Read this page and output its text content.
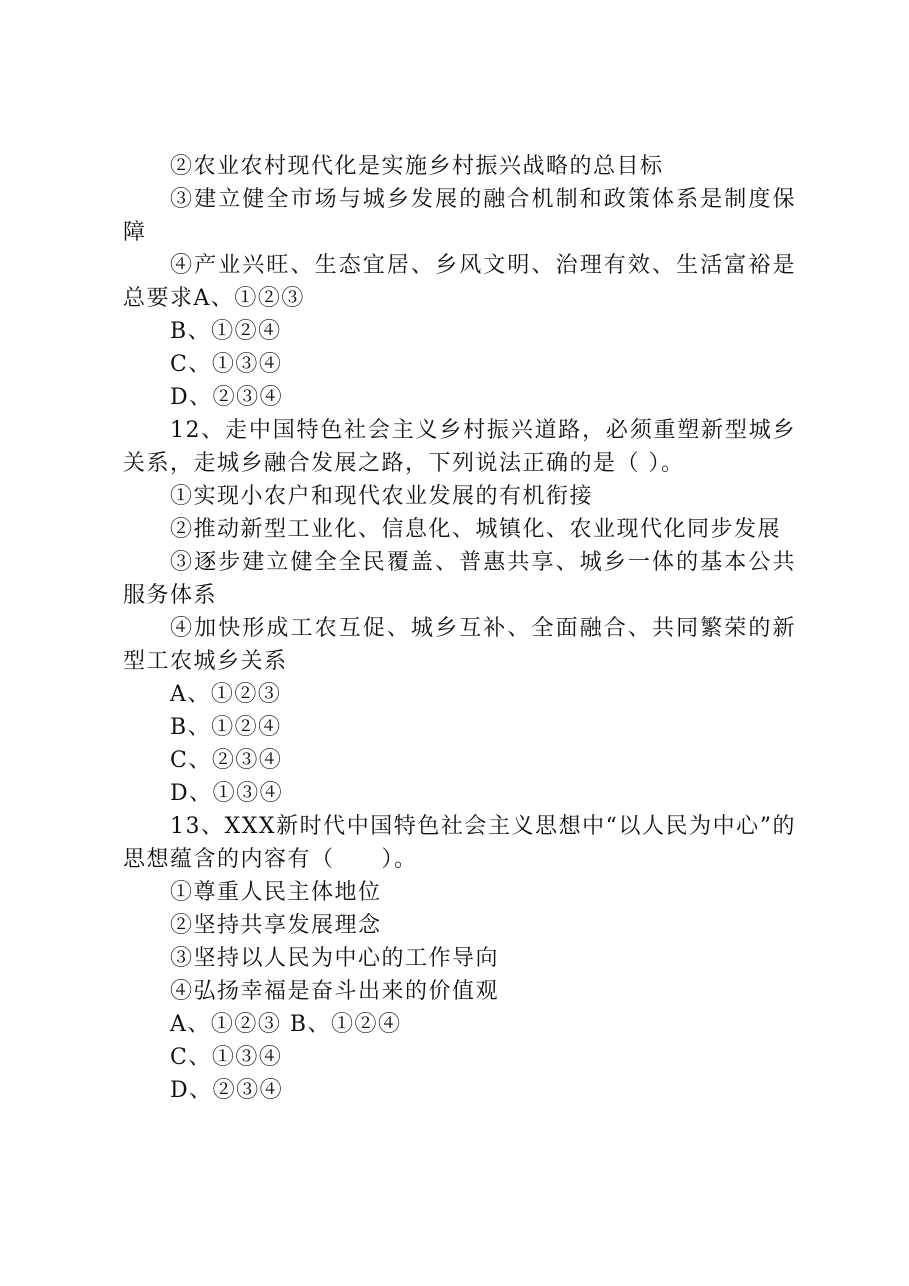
②农业农村现代化是实施乡村振兴战略的总目标

③建立健全市场与城乡发展的融合机制和政策体系是制度保障

④产业兴旺、生态宜居、乡风文明、治理有效、生活富裕是总要求A、①②③

B、①②④

C、①③④

D、②③④

12、走中国特色社会主义乡村振兴道路，必须重塑新型城乡关系，走城乡融合发展之路，下列说法正确的是（ ）。

①实现小农户和现代农业发展的有机衔接

②推动新型工业化、信息化、城镇化、农业现代化同步发展

③逐步建立健全全民覆盖、普惠共享、城乡一体的基本公共服务体系

④加快形成工农互促、城乡互补、全面融合、共同繁荣的新型工农城乡关系

A、①②③

B、①②④

C、②③④

D、①③④

13、XXX新时代中国特色社会主义思想中“以人民为中心”的思想蕴含的内容有（　　）。

①尊重人民主体地位

②坚持共享发展理念

③坚持以人民为中心的工作导向

④弘扬幸福是奋斗出来的价值观

A、①②③ B、①②④

C、①③④

D、②③④
